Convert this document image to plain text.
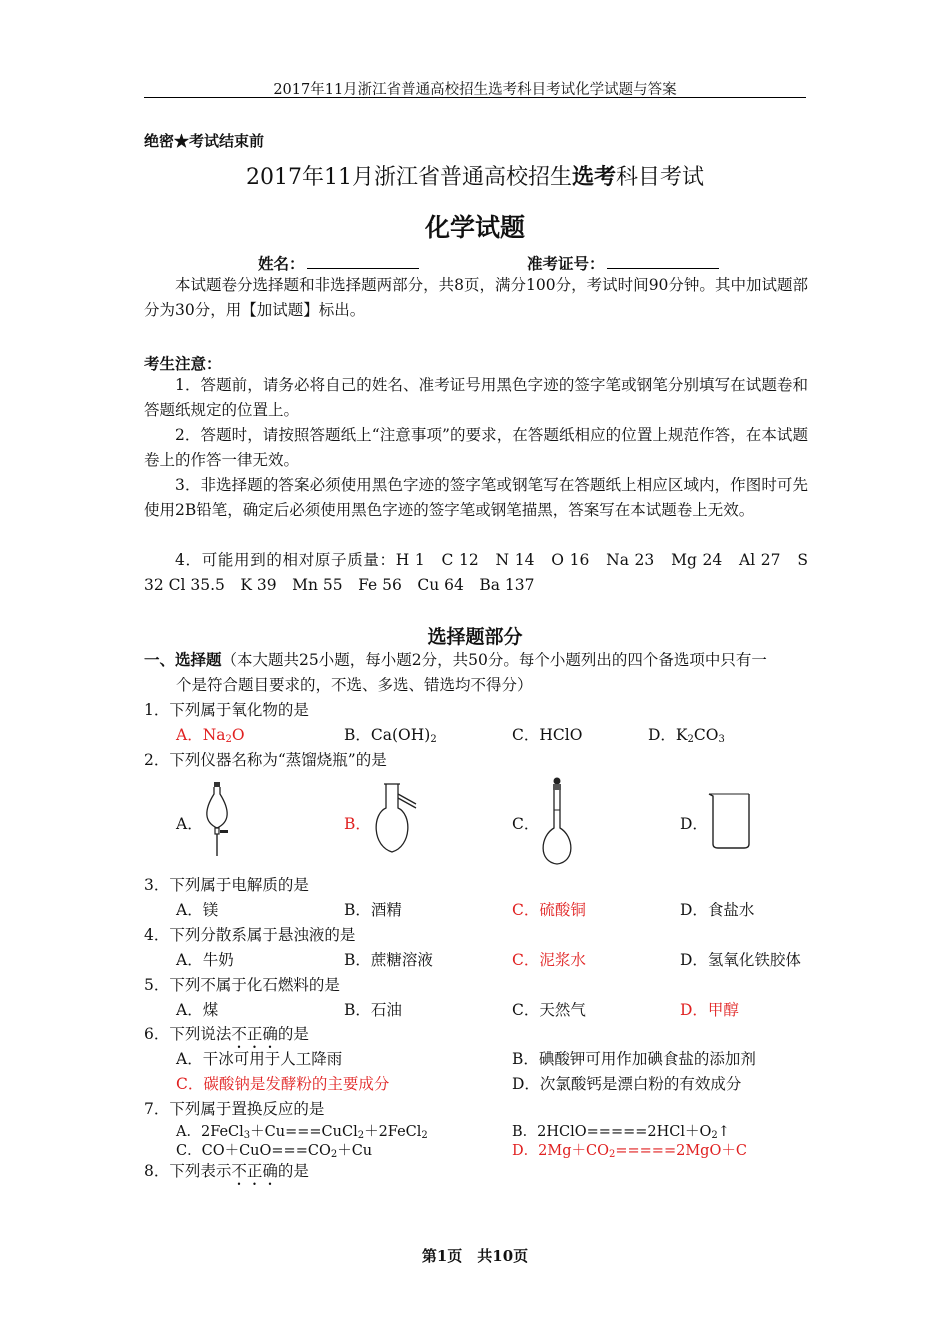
2017年11月浙江省普通高校招生选考科目考试化学试题与答案
绝密★考试结束前
2017年11月浙江省普通高校招生选考科目考试
化学试题
姓名：	准考证号：
本试题卷分选择题和非选择题两部分，共8页，满分100分，考试时间90分钟。其中加试题部分为30分，用【加试题】标出。
考生注意：
1．答题前，请务必将自己的姓名、准考证号用黑色字迹的签字笔或钢笔分别填写在试题卷和答题纸规定的位置上。
2．答题时，请按照答题纸上“注意事项”的要求，在答题纸相应的位置上规范作答，在本试题卷上的作答一律无效。
3．非选择题的答案必须使用黑色字迹的签字笔或钢笔写在答题纸上相应区域内，作图时可先使用2B铅笔，确定后必须使用黑色字迹的签字笔或钢笔描黑，答案写在本试题卷上无效。
4．可能用到的相对原子质量：H 1　C 12　N 14　O 16　Na 23　Mg 24　Al 27　S 32 Cl 35.5　K 39　Mn 55　Fe 56　Cu 64　Ba 137
选择题部分
一、选择题（本大题共25小题，每小题2分，共50分。每个小题列出的四个备选项中只有一
个是符合题目要求的，不选、多选、错选均不得分）
1．下列属于氧化物的是
A．$Na_2O$	B．$Ca(OH)_2$	C．HClO	D．$K_2CO_3$
2．下列仪器名称为“蒸馏烧瓶”的是
A．	B．	C．	D．
3．下列属于电解质的是
A．镁	B．酒精	C．硫酸铜	D．食盐水
4．下列分散系属于悬浊液的是
A．牛奶	B．蔗糖溶液	C．泥浆水	D．氢氧化铁胶体
5．下列不属于化石燃料的是
A．煤	B．石油	C．天然气	D．甲醇
6．下列说法不正确的是
A．干冰可用于人工降雨	B．碘酸钾可用作加碘食盐的添加剂
C．碳酸钠是发酵粉的主要成分	D．次氯酸钙是漂白粉的有效成分
7．下列属于置换反应的是
A．2FeCl$_3$＋Cu===CuCl$_2$＋2FeCl$_2$	B．$2HClO=====2HCl+O_2↑$
C．$CO+CuO===CO_2+Cu$	D．$2Mg+CO_2=====2MgO+C$
8．下列表示不正确的是
第1页　共10页
